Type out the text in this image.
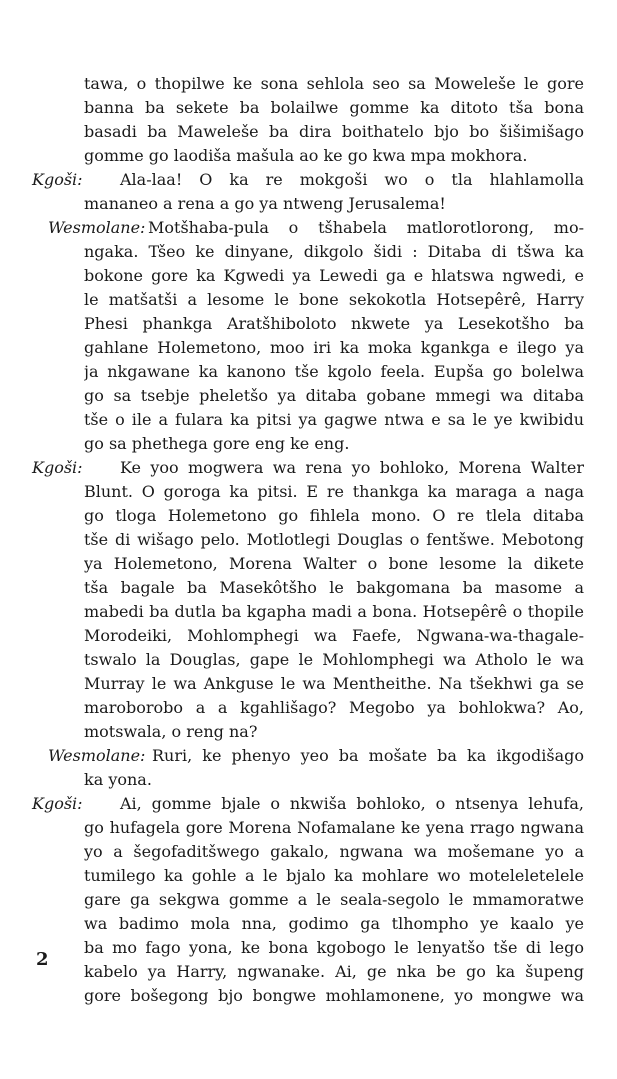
tawa, o thopilwe ke sona sehlola seo sa Moweleše le gore
banna ba sekete ba bolailwe gomme ka ditoto tša bona
basadi ba Maweleše ba dira boithatelo bjo bo šišimišago
gomme go laodiša mašula ao ke go kwa mpa mokhora.
Kgoši:	Ala-laa! O ka re mokgoši wo o tla hlahlamolla
mananeo a rena a go ya ntweng Jerusalema!
Wesmolane: Motšhaba-pula o tšhabela matlorotlorong, mo-
ngaka. Tšeo ke dinyane, dikgolo šidi : Ditaba di tšwa ka
bokone gore ka Kgwedi ya Lewedi ga e hlatswa ngwedi, e
le matšatši a lesome le bone sekokotla Hotsepêrê, Harry
Phesi phankga Aratšhiboloto nkwete ya Lesekotšho ba
gahlane Holemetono, moo iri ka moka kgankga e ilego ya
ja nkgawane ka kanono tše kgolo feela. Eupša go bolelwa
go sa tsebje pheletšo ya ditaba gobane mmegi wa ditaba
tše o ile a fulara ka pitsi ya gagwe ntwa e sa le ye kwibidu
go sa phethega gore eng ke eng.
Kgoši:	Ke yoo mogwera wa rena yo bohloko, Morena Walter
Blunt. O goroga ka pitsi. E re thankga ka maraga a naga
go tloga Holemetono go fihlela mono. O re tlela ditaba
tše di wišago pelo. Motlotlegi Douglas o fentšwe. Mebotong
ya Holemetono, Morena Walter o bone lesome la dikete
tša bagale ba Masekôtšho le bakgomana ba masome a
mabedi ba dutla ba kgapha madi a bona. Hotsepêrê o thopile
Morodeiki, Mohlomphegi wa Faefe, Ngwana-wa-thagale-
tswalo la Douglas, gape le Mohlomphegi wa Atholo le wa
Murray le wa Ankguse le wa Mentheithe. Na tšekhwi ga se
maroborobo a a kgahlišago? Megobo ya bohlokwa? Ao,
motswala, o reng na?
Wesmolane: Ruri, ke phenyo yeo ba mošate ba ka ikgodišago
ka yona.
Kgoši:	Ai, gomme bjale o nkwiša bohloko, o ntsenya lehufa,
go hufagela gore Morena Nofamalane ke yena rrago ngwana
yo a šegofaditšwego gakalo, ngwana wa mošemane yo a
tumilego ka gohle a le bjalo ka mohlare wo moteleletelele
gare ga sekgwa gomme a le seala-segolo le mmamoratwe
wa badimo mola nna, godimo ga tlhompho ye kaalo ye
ba mo fago yona, ke bona kgobogo le lenyatšo tše di lego
kabelo ya Harry, ngwanake. Ai, ge nka be go ka šupeng
gore bošegong bjo bongwe mohlamonene, yo mongwe wa
2
